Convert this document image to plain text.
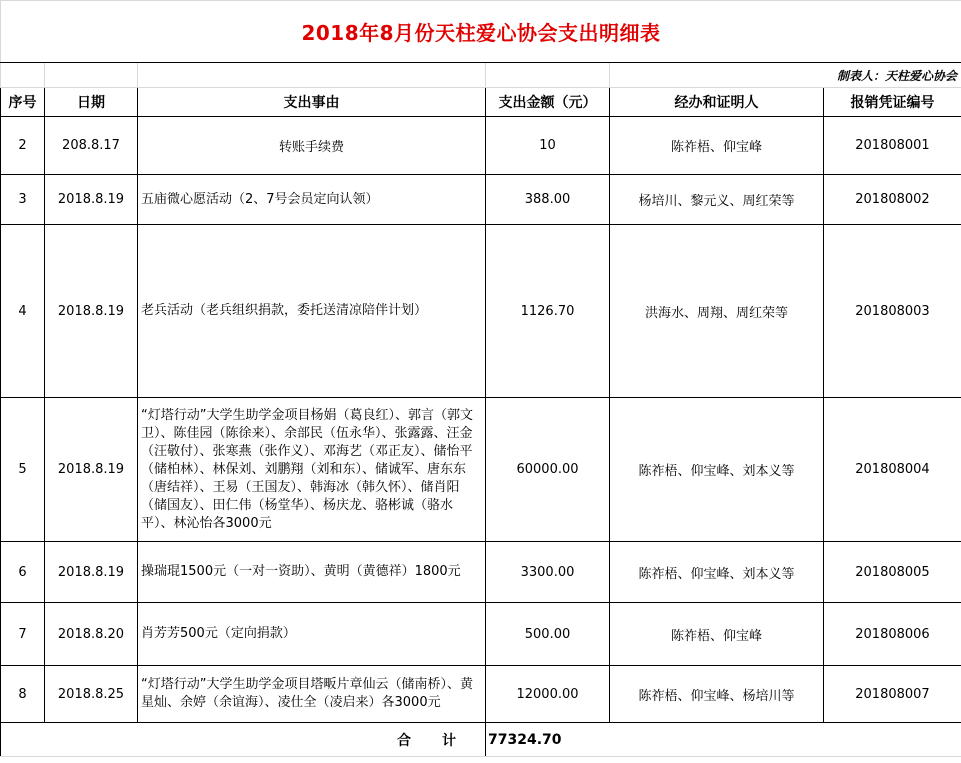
2018年8月份天柱爱心协会支出明细表					
				制表人：天柱爱心协会	
序号	日期	支出事由	支出金额（元）	经办和证明人	报销凭证编号
2	208.8.17	转账手续费	10	陈祚梧、仰宝峰	201808001
3	2018.8.19	五庙微心愿活动（2、7号会员定向认领）	388.00	杨培川、黎元义、周红荣等	201808002
4	2018.8.19	老兵活动（老兵组织捐款，委托送清凉陪伴计划）	1126.70	洪海水、周翔、周红荣等	201808003
5	2018.8.19	“灯塔行动”大学生助学金项目杨娟（葛良红）、郭言（郭文卫）、陈佳园（陈徐来）、余部民（伍永华）、张露露、汪金（汪敬付）、张寒燕（张作义）、邓海艺（邓正友）、储怡平（储柏林）、林保刘、刘鹏翔（刘和东）、储诚军、唐东东（唐结祥）、王易（王国友）、韩海冰（韩久怀）、储肖阳（储国友）、田仁伟（杨堂华）、杨庆龙、骆彬诚（骆水平）、林沁怡各3000元	60000.00	陈祚梧、仰宝峰、刘本义等	201808004
6	2018.8.19	操瑞琨1500元（一对一资助）、黄明（黄德祥）1800元	3300.00	陈祚梧、仰宝峰、刘本义等	201808005
7	2018.8.20	肖芳芳500元（定向捐款）	500.00	陈祚梧、仰宝峰	201808006
8	2018.8.25	“灯塔行动”大学生助学金项目塔畈片章仙云（储南桥）、黄星灿、余婷（余谊海）、凌仕全（凌启来）各3000元	12000.00	陈祚梧、仰宝峰、杨培川等	201808007
合　　计			77324.70		
